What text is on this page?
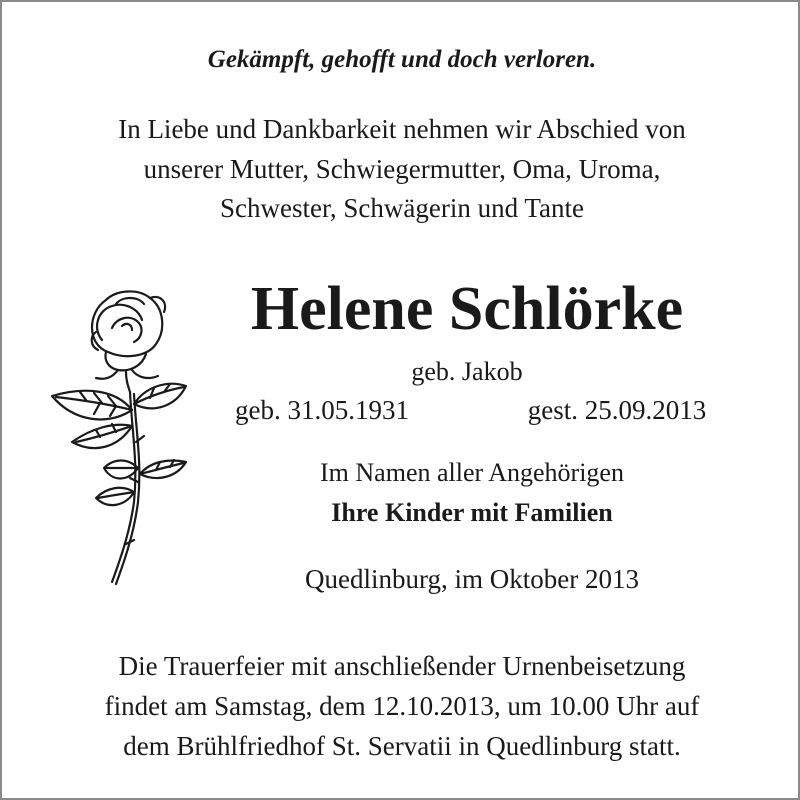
Gekämpft, gehofft und doch verloren.
In Liebe und Dankbarkeit nehmen wir Abschied von
unserer Mutter, Schwiegermutter, Oma, Uroma,
Schwester, Schwägerin und Tante
Helene Schlörke
geb. Jakob
geb. 31.05.1931	gest. 25.09.2013
Im Namen aller Angehörigen
Ihre Kinder mit Familien
Quedlinburg, im Oktober 2013
Die Trauerfeier mit anschließender Urnenbeisetzung
findet am Samstag, dem 12.10.2013, um 10.00 Uhr auf
dem Brühlfriedhof St. Servatii in Quedlinburg statt.
